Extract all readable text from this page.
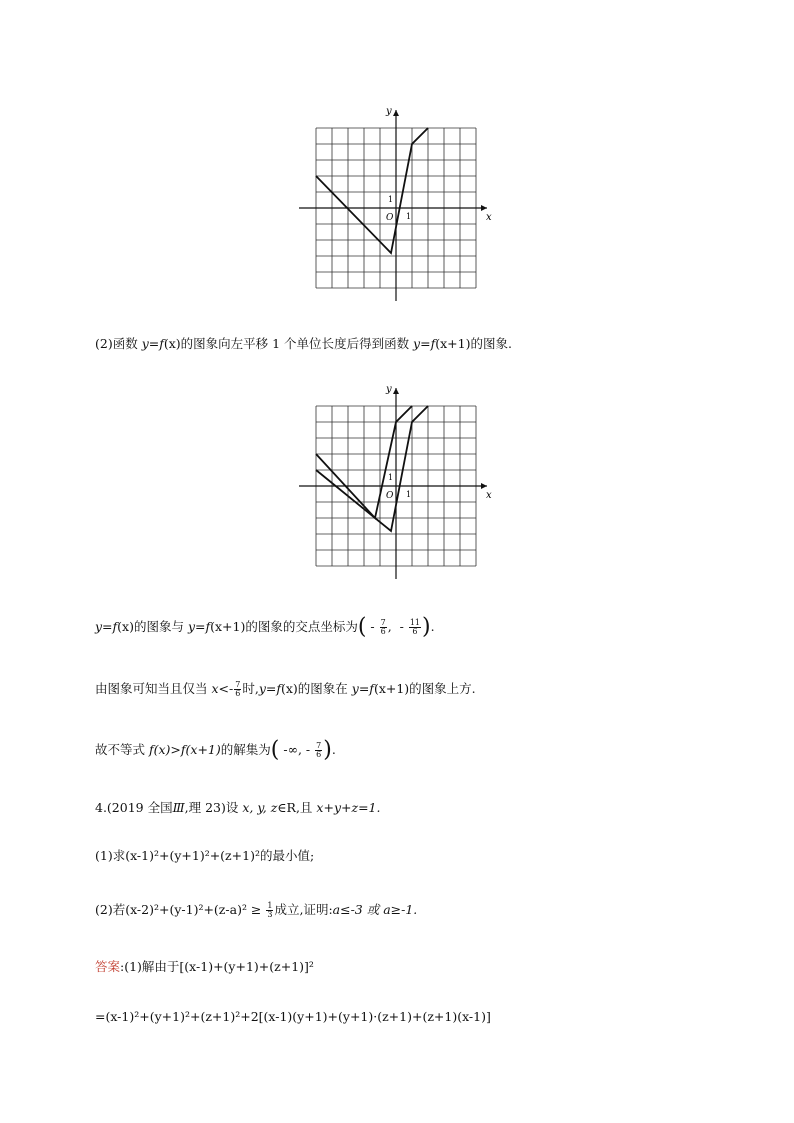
y
x
O 1
1
(2)函数 y=f(x)的图象向左平移 1 个单位长度后得到函数 y=f(x+1)的图象.
y
x
O 1
1
y=f(x)的图象与 y=f(x+1)的图象的交点坐标为( - $\frac{7}{6}$ ,  - $\frac{11}{6}$ ).
由图象可知当且仅当 $x<- \frac{7}{6}$ 时,y=f(x)的图象在 y=f(x+1)的图象上方.
故不等式 f(x)>f(x+1)的解集为( -∞, - $\frac{7}{6}$ ).
4.(2019 全国Ⅲ,理 23)设 x, y, z∈R,且 x+y+z=1.
(1)求(x-1)²+(y+1)²+(z+1)²的最小值;
(2)若$(x-2)^2+(y-1)^2+(z-a)^2 \ge \frac{1}{3}$ 成立,证明:a≤-3 或 a≥-1.
答案:(1)解由于[(x-1)+(y+1)+(z+1)]²
=(x-1)²+(y+1)²+(z+1)²+2[(x-1)(y+1)+(y+1)·(z+1)+(z+1)(x-1)]
